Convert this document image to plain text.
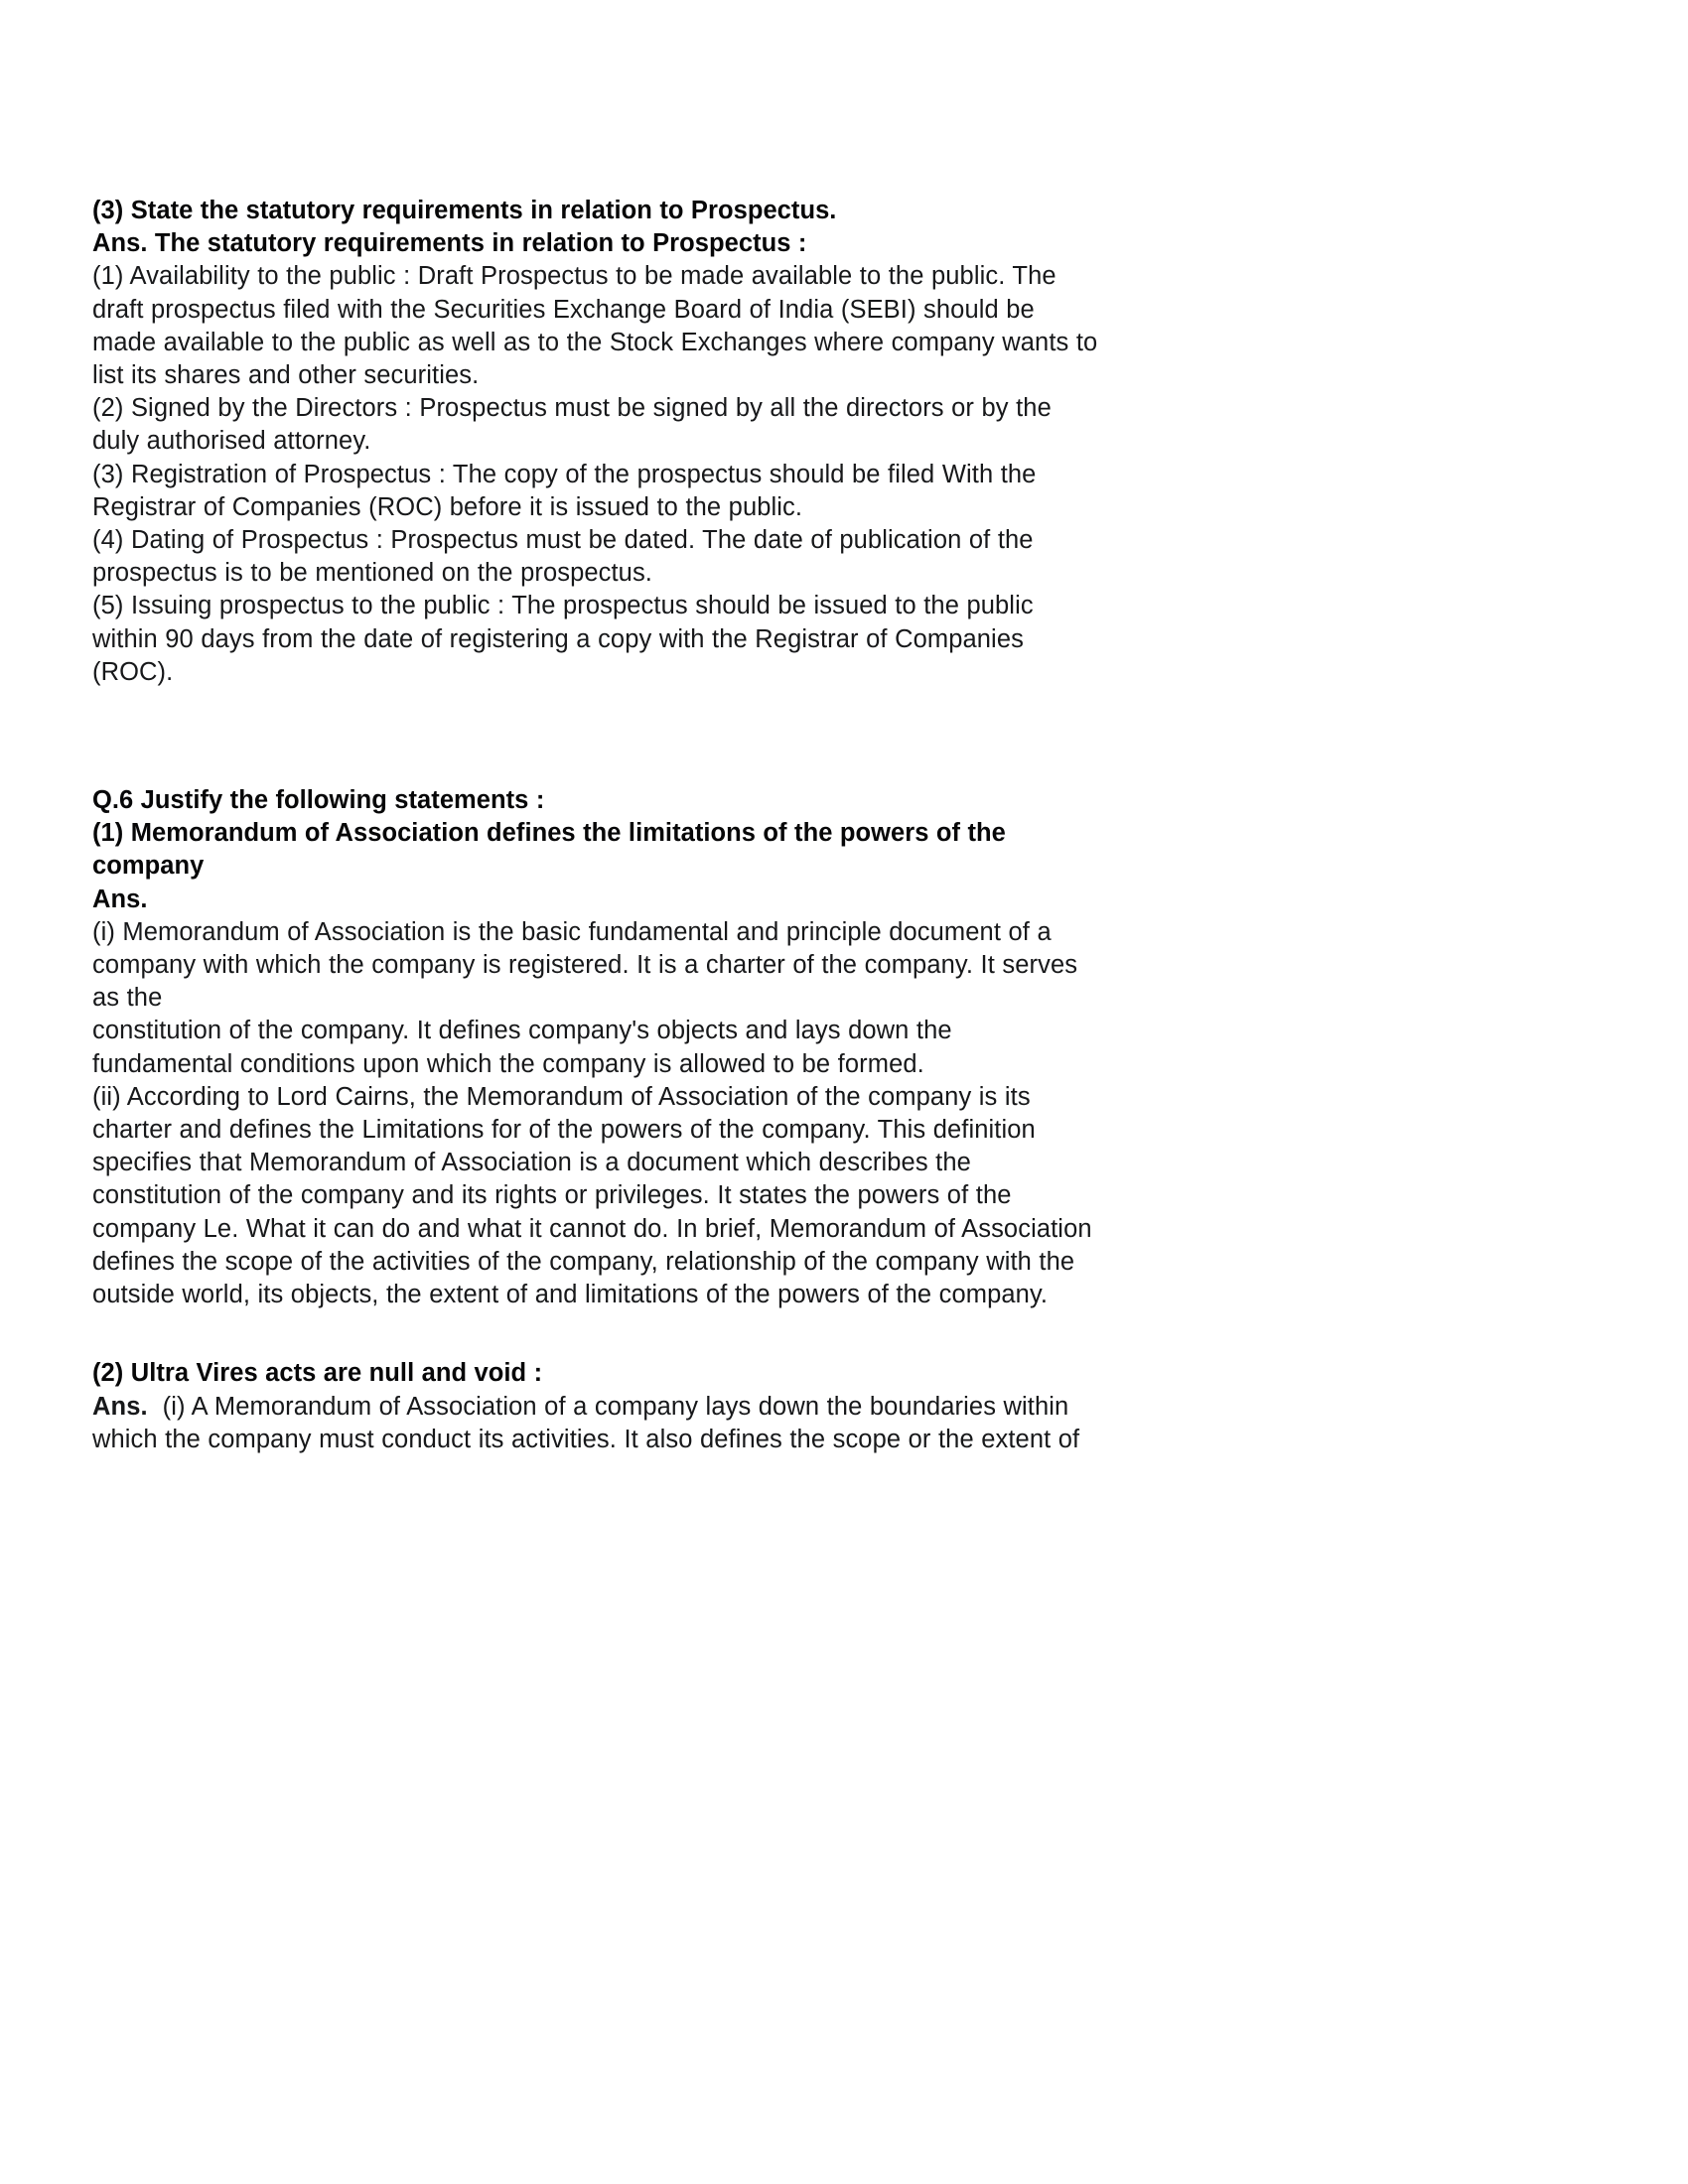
(3) State the statutory requirements in relation to Prospectus.
Ans. The statutory requirements in relation to Prospectus :
(1) Availability to the public : Draft Prospectus to be made available to the public. The
draft prospectus filed with the Securities Exchange Board of India (SEBI) should be
made available to the public as well as to the Stock Exchanges where company wants to
list its shares and other securities.
(2) Signed by the Directors : Prospectus must be signed by all the directors or by the
duly authorised attorney.
(3) Registration of Prospectus : The copy of the prospectus should be filed With the
Registrar of Companies (ROC) before it is issued to the public.
(4) Dating of Prospectus : Prospectus must be dated. The date of publication of the
prospectus is to be mentioned on the prospectus.
(5) Issuing prospectus to the public : The prospectus should be issued to the public
within 90 days from the date of registering a copy with the Registrar of Companies
(ROC).
Q.6 Justify the following statements :
(1) Memorandum of Association defines the limitations of the powers of the
company
Ans.
(i) Memorandum of Association is the basic fundamental and principle document of a
company with which the company is registered. It is a charter of the company. It serves
as the
constitution of the company. It defines company's objects and lays down the
fundamental conditions upon which the company is allowed to be formed.
(ii) According to Lord Cairns, the Memorandum of Association of the company is its
charter and defines the Limitations for of the powers of the company. This definition
specifies that Memorandum of Association is a document which describes the
constitution of the company and its rights or privileges. It states the powers of the
company Le. What it can do and what it cannot do. In brief, Memorandum of Association
defines the scope of the activities of the company, relationship of the company with the
outside world, its objects, the extent of and limitations of the powers of the company.
(2) Ultra Vires acts are null and void :
Ans.  (i) A Memorandum of Association of a company lays down the boundaries within
which the company must conduct its activities. It also defines the scope or the extent of
